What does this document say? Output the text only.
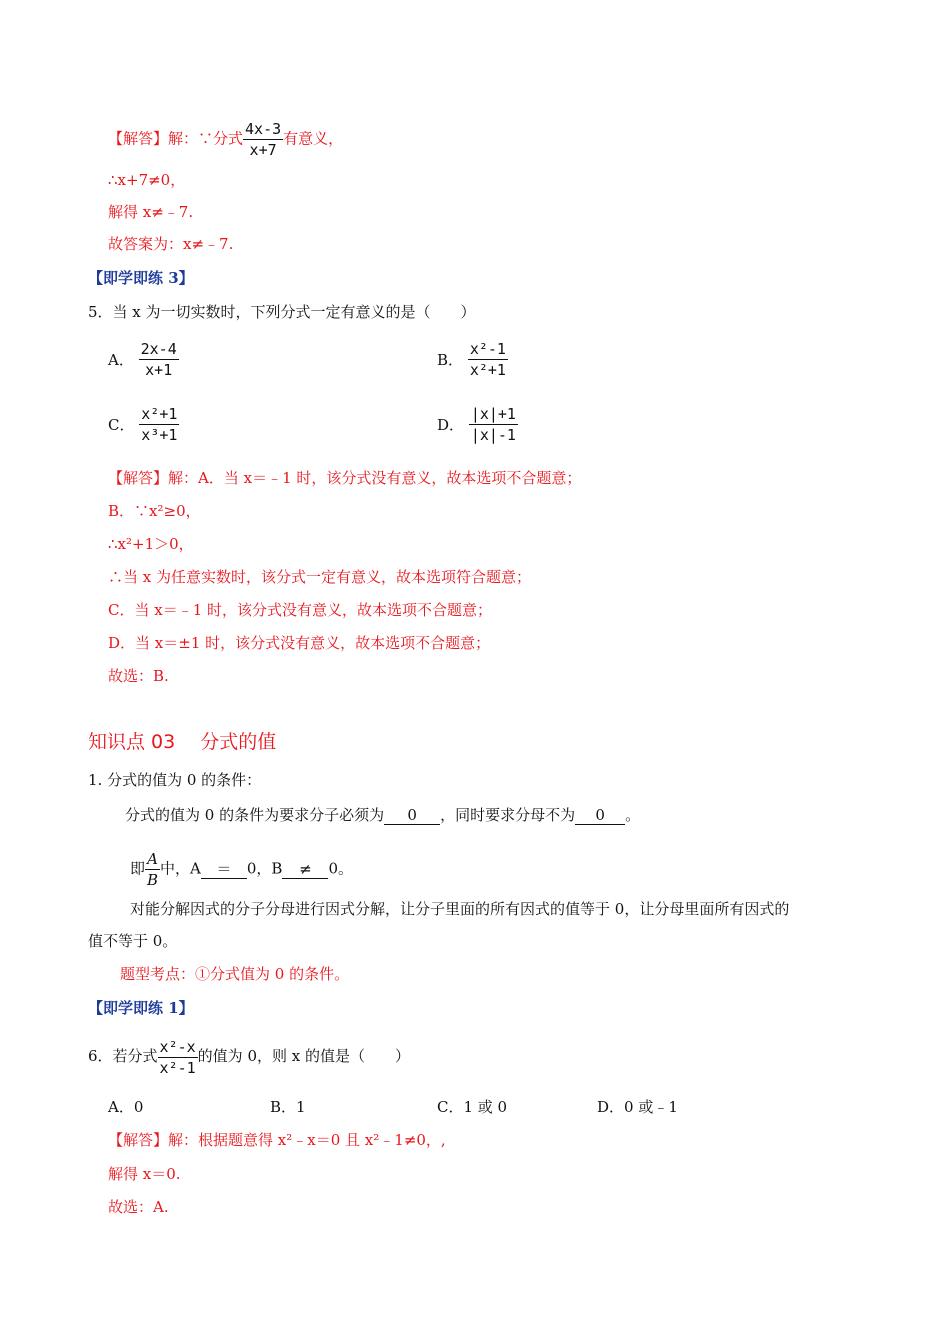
【解答】解：∵分式 $\frac{4x-3}{x+7}$ 有意义，
∴x+7≠0，
解得 x≠﹣7.
故答案为：x≠﹣7.
【即学即练 3】
5．当 x 为一切实数时，下列分式一定有意义的是（　　）
A． $\frac{2x-4}{x+1}$	B． $\frac{\text{x²-1}}{\text{x²+1}}$
C． $\frac{\text{x²+1}}{\text{x³+1}}$	D． $\frac{|x|+1}{|x|-1}$
【解答】解：A．当 x＝﹣1 时，该分式没有意义，故本选项不合题意；
B．∵x²≥0，
∴x²+1＞0，
∴当 x 为任意实数时，该分式一定有意义，故本选项符合题意；
C．当 x＝﹣1 时，该分式没有意义，故本选项不合题意；
D．当 x＝±1 时，该分式没有意义，故本选项不合题意；
故选：B.
知识点 03　 分式的值
1. 分式的值为 0 的条件：
分式的值为 0 的条件为要求分子必须为 0 ，同时要求分母不为 0 。
即 $\frac{A}{B}$ 中，A ＝ 0，B ≠ 0。
对能分解因式的分子分母进行因式分解，让分子里面的所有因式的值等于 0，让分母里面所有因式的
值不等于 0。
题型考点：①分式值为 0 的条件。
【即学即练 1】
6．若分式 $\frac{\text{x²-x}}{\text{x²-1}}$ 的值为 0，则 x 的值是（　　）
A．0	B．1	C．1 或 0	D．0 或﹣1
【解答】解：根据题意得 x²﹣x＝0 且 x²﹣1≠0，,
解得 x＝0.
故选：A.
